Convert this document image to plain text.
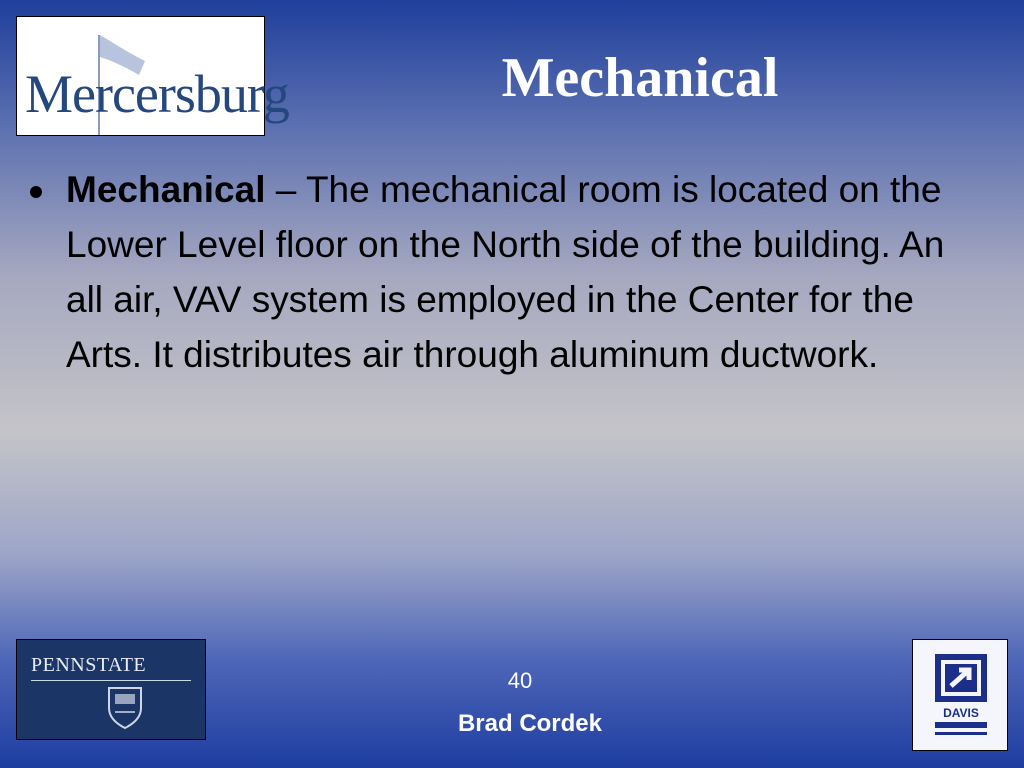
Mercersburg	Mechanical
Mechanical – The mechanical room is located on the Lower Level floor on the North side of the building. An all air, VAV system is employed in the Center for the Arts. It distributes air through aluminum ductwork.
PENNSTATE
40
Brad Cordek	DAVIS
